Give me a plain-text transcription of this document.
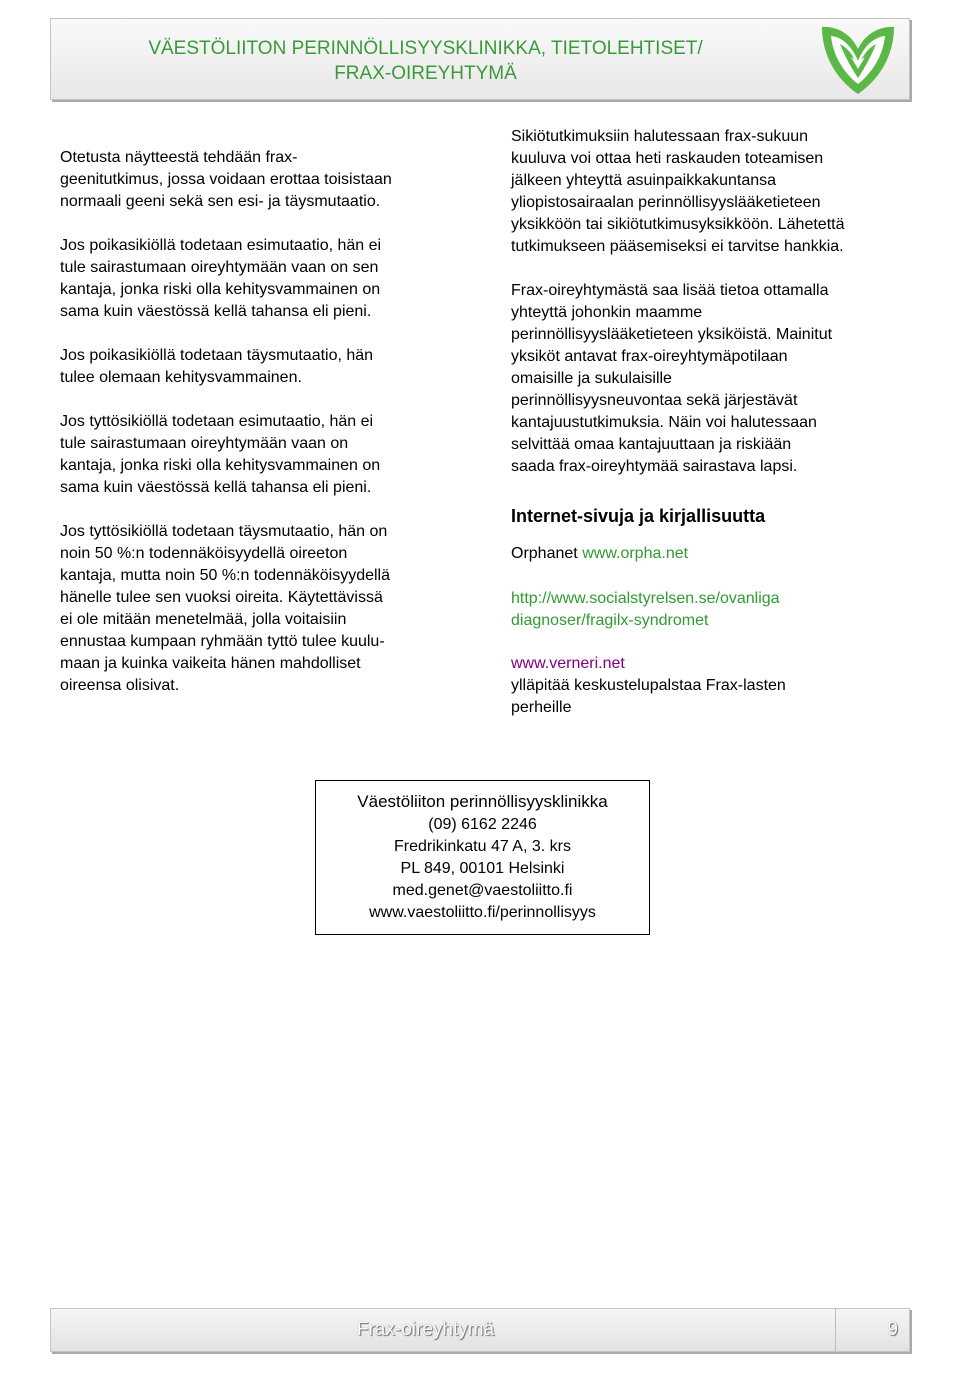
VÄESTÖLIITON PERINNÖLLISYYSKLINIKKA, TIETOLEHTISET/
FRAX-OIREYHTYMÄ
Otetusta näytteestä tehdään frax-
geenitutkimus, jossa voidaan erottaa toisistaan
normaali geeni sekä sen esi- ja täysmutaatio.
Jos poikasikiöllä todetaan esimutaatio, hän ei
tule sairastumaan oireyhtymään vaan on sen
kantaja, jonka riski olla kehitysvammainen on
sama kuin väestössä kellä tahansa eli pieni.
Jos poikasikiöllä todetaan täysmutaatio, hän
tulee olemaan kehitysvammainen.
Jos tyttösikiöllä todetaan esimutaatio, hän ei
tule sairastumaan oireyhtymään vaan on
kantaja, jonka riski olla kehitysvammainen on
sama kuin väestössä kellä tahansa eli pieni.
Jos tyttösikiöllä todetaan täysmutaatio, hän on
noin 50 %:n todennäköisyydellä oireeton
kantaja, mutta noin 50 %:n todennäköisyydellä
hänelle tulee sen vuoksi oireita. Käytettävissä
ei ole mitään menetelmää, jolla voitaisiin
ennustaa kumpaan ryhmään tyttö tulee kuulu-
maan ja kuinka vaikeita hänen mahdolliset
oireensa olisivat.
Sikiötutkimuksiin halutessaan frax-sukuun
kuuluva voi ottaa heti raskauden toteamisen
jälkeen yhteyttä asuinpaikkakuntansa
yliopistosairaalan perinnöllisyyslääketieteen
yksikköön tai sikiötutkimusyksikköön. Lähetettä
tutkimukseen pääsemiseksi ei tarvitse hankkia.
Frax-oireyhtymästä saa lisää tietoa ottamalla
yhteyttä johonkin maamme
perinnöllisyyslääketieteen yksiköistä. Mainitut
yksiköt antavat frax-oireyhtymäpotilaan
omaisille ja sukulaisille
perinnöllisyysneuvontaa sekä järjestävät
kantajuustutkimuksia. Näin voi halutessaan
selvittää omaa kantajuuttaan ja riskiään
saada frax-oireyhtymää sairastava lapsi.
Internet-sivuja ja kirjallisuutta
Orphanet www.orpha.net
http://www.socialstyrelsen.se/ovanliga
diagnoser/fragilx-syndromet
www.verneri.net
ylläpitää keskustelupalstaa Frax-lasten
perheille
Väestöliiton perinnöllisyysklinikka
(09) 6162 2246
Fredrikinkatu 47 A, 3. krs
PL 849, 00101 Helsinki
med.genet@vaestoliitto.fi
www.vaestoliitto.fi/perinnollisyys
Frax-oireyhtymä	9
